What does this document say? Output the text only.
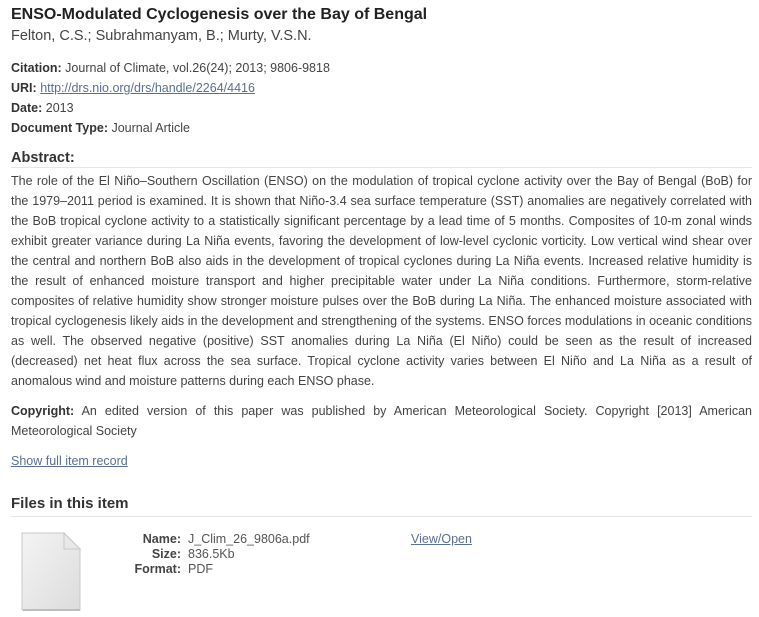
ENSO-Modulated Cyclogenesis over the Bay of Bengal
Felton, C.S.; Subrahmanyam, B.; Murty, V.S.N.
Citation: Journal of Climate, vol.26(24); 2013; 9806-9818
URI: http://drs.nio.org/drs/handle/2264/4416
Date: 2013
Document Type: Journal Article
Abstract:
The role of the El Niño–Southern Oscillation (ENSO) on the modulation of tropical cyclone activity over the Bay of Bengal (BoB) for the 1979–2011 period is examined. It is shown that Niño-3.4 sea surface temperature (SST) anomalies are negatively correlated with the BoB tropical cyclone activity to a statistically significant percentage by a lead time of 5 months. Composites of 10-m zonal winds exhibit greater variance during La Niña events, favoring the development of low-level cyclonic vorticity. Low vertical wind shear over the central and northern BoB also aids in the development of tropical cyclones during La Niña events. Increased relative humidity is the result of enhanced moisture transport and higher precipitable water under La Niña conditions. Furthermore, storm-relative composites of relative humidity show stronger moisture pulses over the BoB during La Niña. The enhanced moisture associated with tropical cyclogenesis likely aids in the development and strengthening of the systems. ENSO forces modulations in oceanic conditions as well. The observed negative (positive) SST anomalies during La Niña (El Niño) could be seen as the result of increased (decreased) net heat flux across the sea surface. Tropical cyclone activity varies between El Niño and La Niña as a result of anomalous wind and moisture patterns during each ENSO phase.
Copyright: An edited version of this paper was published by American Meteorological Society. Copyright [2013] American Meteorological Society
Show full item record
Files in this item
Name: J_Clim_26_9806a.pdf
Size: 836.5Kb
Format: PDF
View/Open
